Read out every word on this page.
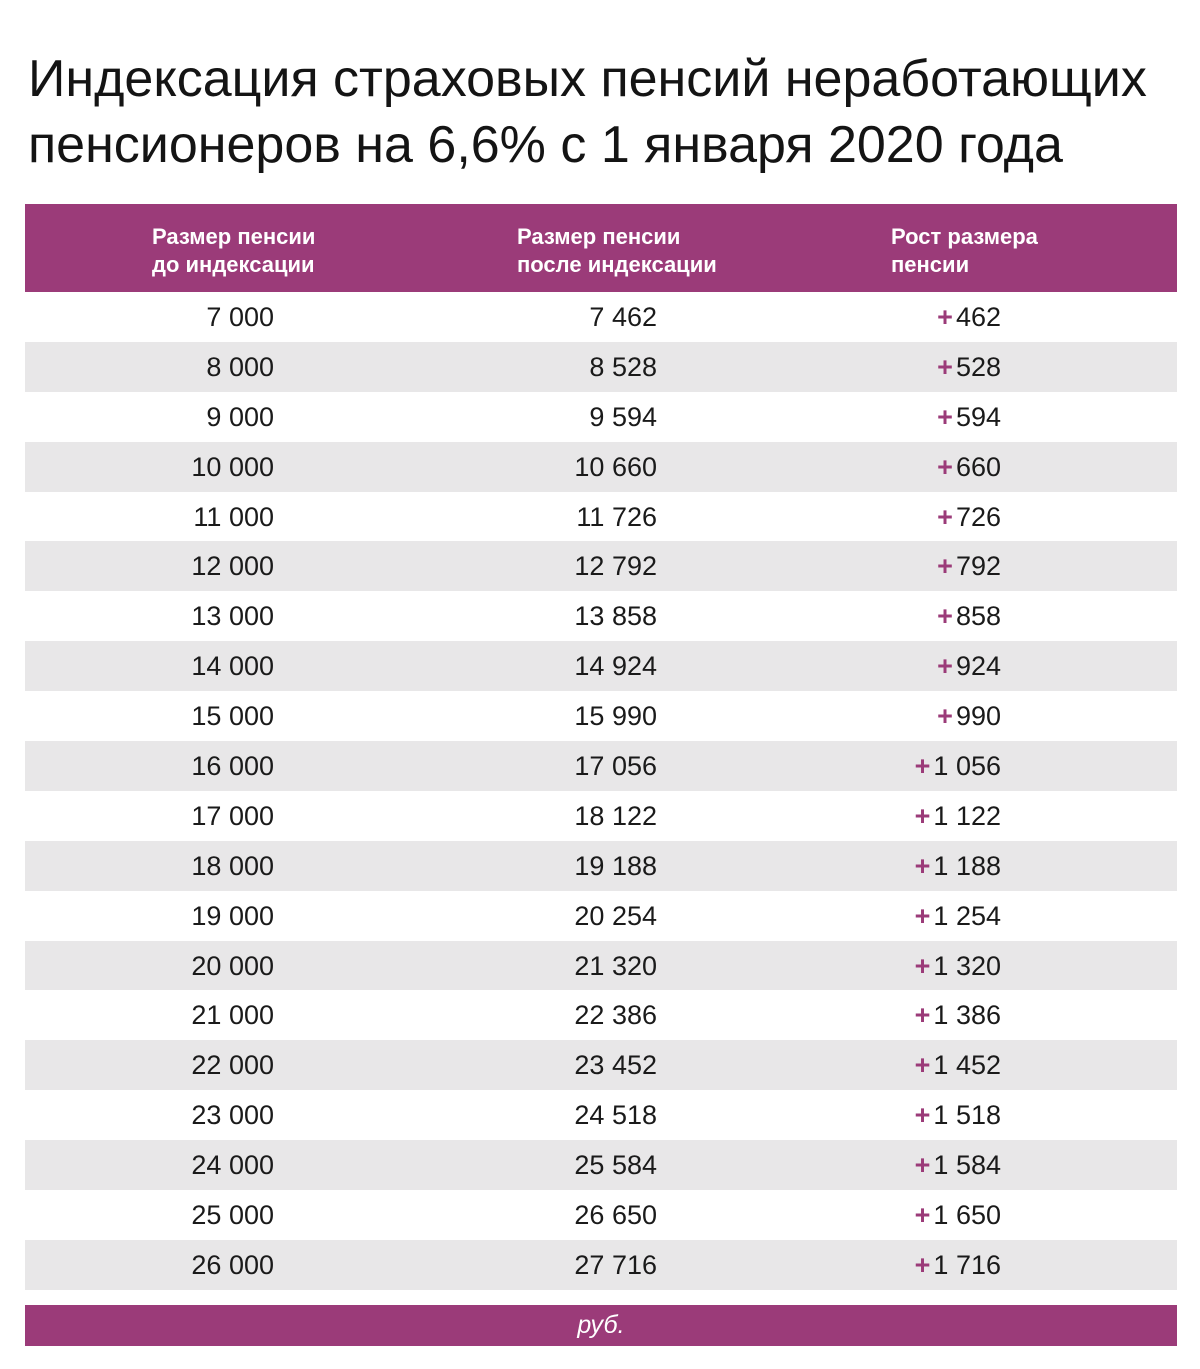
Индексация страховых пенсий неработающих пенсионеров на 6,6% с 1 января 2020 года
Размер пенсии
до индексации
Размер пенсии
после индексации
Рост размера
пенсии
7 000	7 462	+ 462
8 000	8 528	+ 528
9 000	9 594	+ 594
10 000	10 660	+ 660
11 000	11 726	+ 726
12 000	12 792	+ 792
13 000	13 858	+ 858
14 000	14 924	+ 924
15 000	15 990	+ 990
16 000	17 056	+ 1 056
17 000	18 122	+ 1 122
18 000	19 188	+ 1 188
19 000	20 254	+ 1 254
20 000	21 320	+ 1 320
21 000	22 386	+ 1 386
22 000	23 452	+ 1 452
23 000	24 518	+ 1 518
24 000	25 584	+ 1 584
25 000	26 650	+ 1 650
26 000	27 716	+ 1 716
руб.
